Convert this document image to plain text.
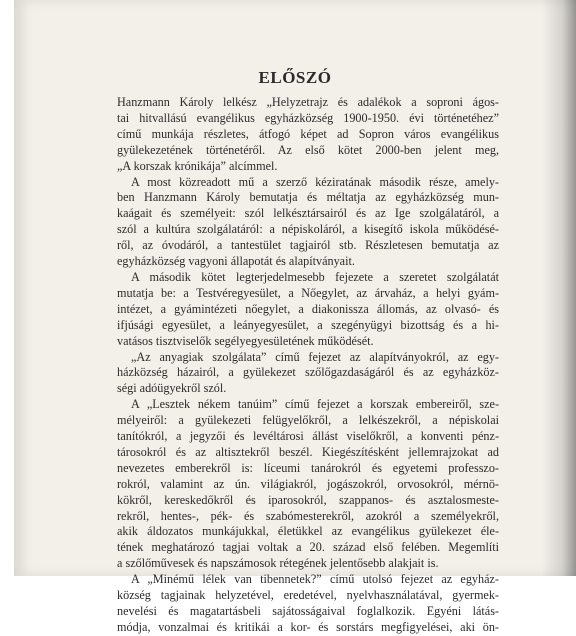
ELŐSZÓ
Hanzmann Károly lelkész „Helyzetrajz és adalékok a soproni ágos-
tai hitvallású evangélikus egyházközség 1900-1950. évi történetéhez”
című munkája részletes, átfogó képet ad Sopron város evangélikus
gyülekezetének történetéről. Az első kötet 2000-ben jelent meg,
„A korszak krónikája” alcímmel.
A most közreadott mű a szerző kéziratának második része, amely-
ben Hanzmann Károly bemutatja és méltatja az egyházközség mun-
kaágait és személyeit: szól lelkésztársairól és az Ige szolgálatáról, a
szól a kultúra szolgálatáról: a népiskoláról, a kisegítő iskola működésé-
ről, az óvodáról, a tantestület tagjairól stb. Részletesen bemutatja az
egyházközség vagyoni állapotát és alapítványait.
A második kötet legterjedelmesebb fejezete a szeretet szolgálatát
mutatja be: a Testvéregyesület, a Nőegylet, az árvaház, a helyi gyám-
intézet, a gyámintézeti nőegylet, a diakonissza állomás, az olvasó- és
ifjúsági egyesület, a leányegyesület, a szegényügyi bizottság és a hi-
vatásos tisztviselők segélyegyesületének működését.
„Az anyagiak szolgálata” című fejezet az alapítványokról, az egy-
házközség házairól, a gyülekezet szőlőgazdaságáról és az egyházköz-
ségi adóügyekről szól.
A „Lesztek nékem tanúim” című fejezet a korszak embereiről, sze-
mélyeiről: a gyülekezeti felügyelőkről, a lelkészekről, a népiskolai
tanítókról, a jegyzői és levéltárosi állást viselőkről, a konventi pénz-
tárosokról és az altisztekről beszél. Kiegészítésként jellemrajzokat ad
nevezetes emberekről is: líceumi tanárokról és egyetemi professzo-
rokról, valamint az ún. világiakról, jogászokról, orvosokról, mérnö-
kökről, kereskedőkről és iparosokról, szappanos- és asztalosmeste-
rekről, hentes-, pék- és szabómesterekről, azokról a személyekről,
akik áldozatos munkájukkal, életükkel az evangélikus gyülekezet éle-
tének meghatározó tagjai voltak a 20. század első felében. Megemlíti
a szőlőművesek és napszámosok rétegének jelentősebb alakjait is.
A „Minémű lélek van tibennetek?” című utolsó fejezet az egyház-
község tagjainak helyzetével, eredetével, nyelvhasználatával, gyermek-
nevelési és magatartásbeli sajátosságaival foglalkozik. Egyéni látás-
módja, vonzalmai és kritikái a kor- és sorstárs megfigyelései, aki ön-
